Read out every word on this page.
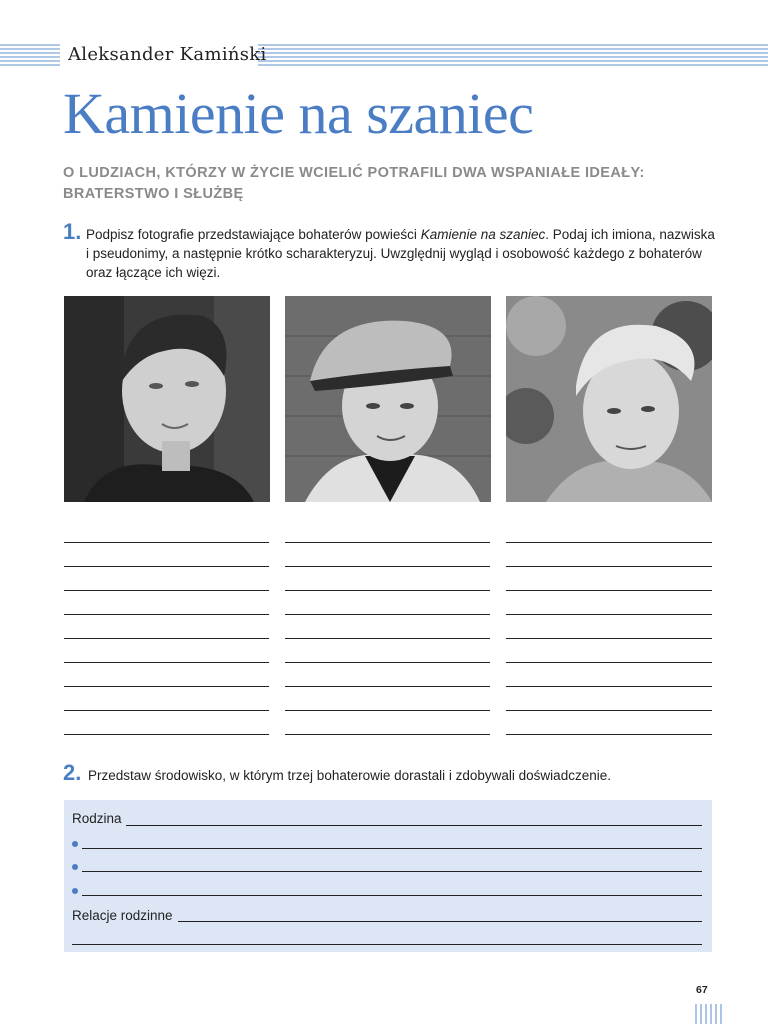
Aleksander Kamiński
Kamienie na szaniec
O LUDZIACH, KTÓRZY W ŻYCIE WCIELIĆ POTRAFILI DWA WSPANIAŁE IDEAŁY: BRATERSTWO I SŁUŻBĘ
1. Podpisz fotografie przedstawiające bohaterów powieści Kamienie na szaniec. Podaj ich imiona, nazwiska i pseudonimy, a następnie krótko scharakteryzuj. Uwzględnij wygląd i osobowość każdego z bohaterów oraz łączące ich więzi.
2. Przedstaw środowisko, w którym trzej bohaterowie dorastali i zdobywali doświadczenie.
Rodzina
Relacje rodzinne
67
